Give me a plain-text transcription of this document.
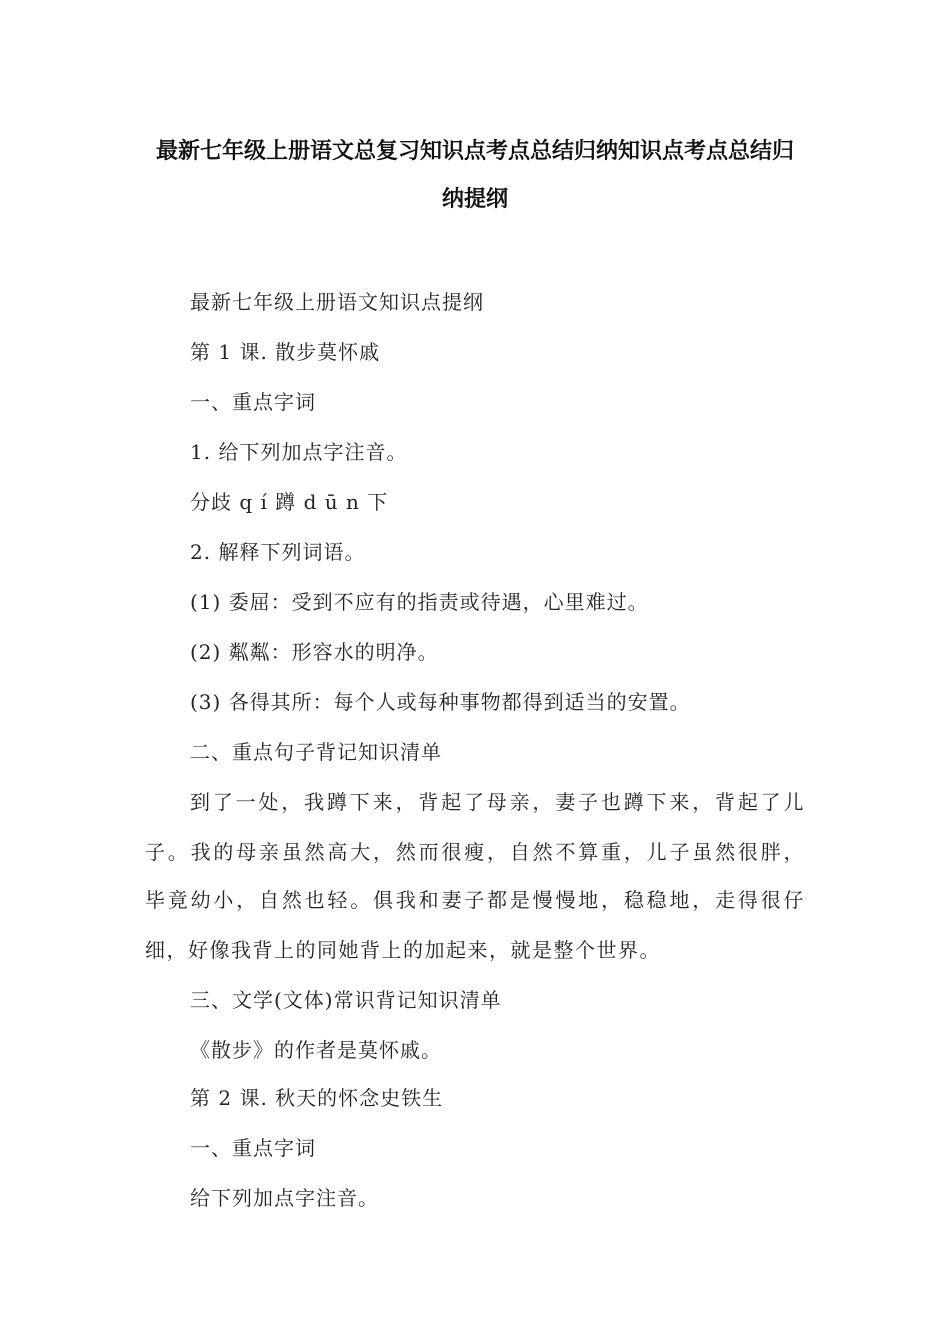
最新七年级上册语文总复习知识点考点总结归纳知识点考点总结归
纳提纲
最新七年级上册语文知识点提纲
第 1 课. 散步莫怀戚
一、重点字词
1. 给下列加点字注音。
分歧 q í 蹲 d ū n 下
2. 解释下列词语。
(1) 委屈：受到不应有的指责或待遇，心里难过。
(2) 粼粼：形容水的明净。
(3) 各得其所：每个人或每种事物都得到适当的安置。
二、重点句子背记知识清单
到了一处，我蹲下来，背起了母亲，妻子也蹲下来，背起了儿
子。我的母亲虽然高大，然而很瘦，自然不算重，儿子虽然很胖，
毕竟幼小，自然也轻。俱我和妻子都是慢慢地，稳稳地，走得很仔
细，好像我背上的同她背上的加起来，就是整个世界。
三、文学(文体)常识背记知识清单
《散步》的作者是莫怀戚。
第 2 课. 秋天的怀念史铁生
一、重点字词
给下列加点字注音。
